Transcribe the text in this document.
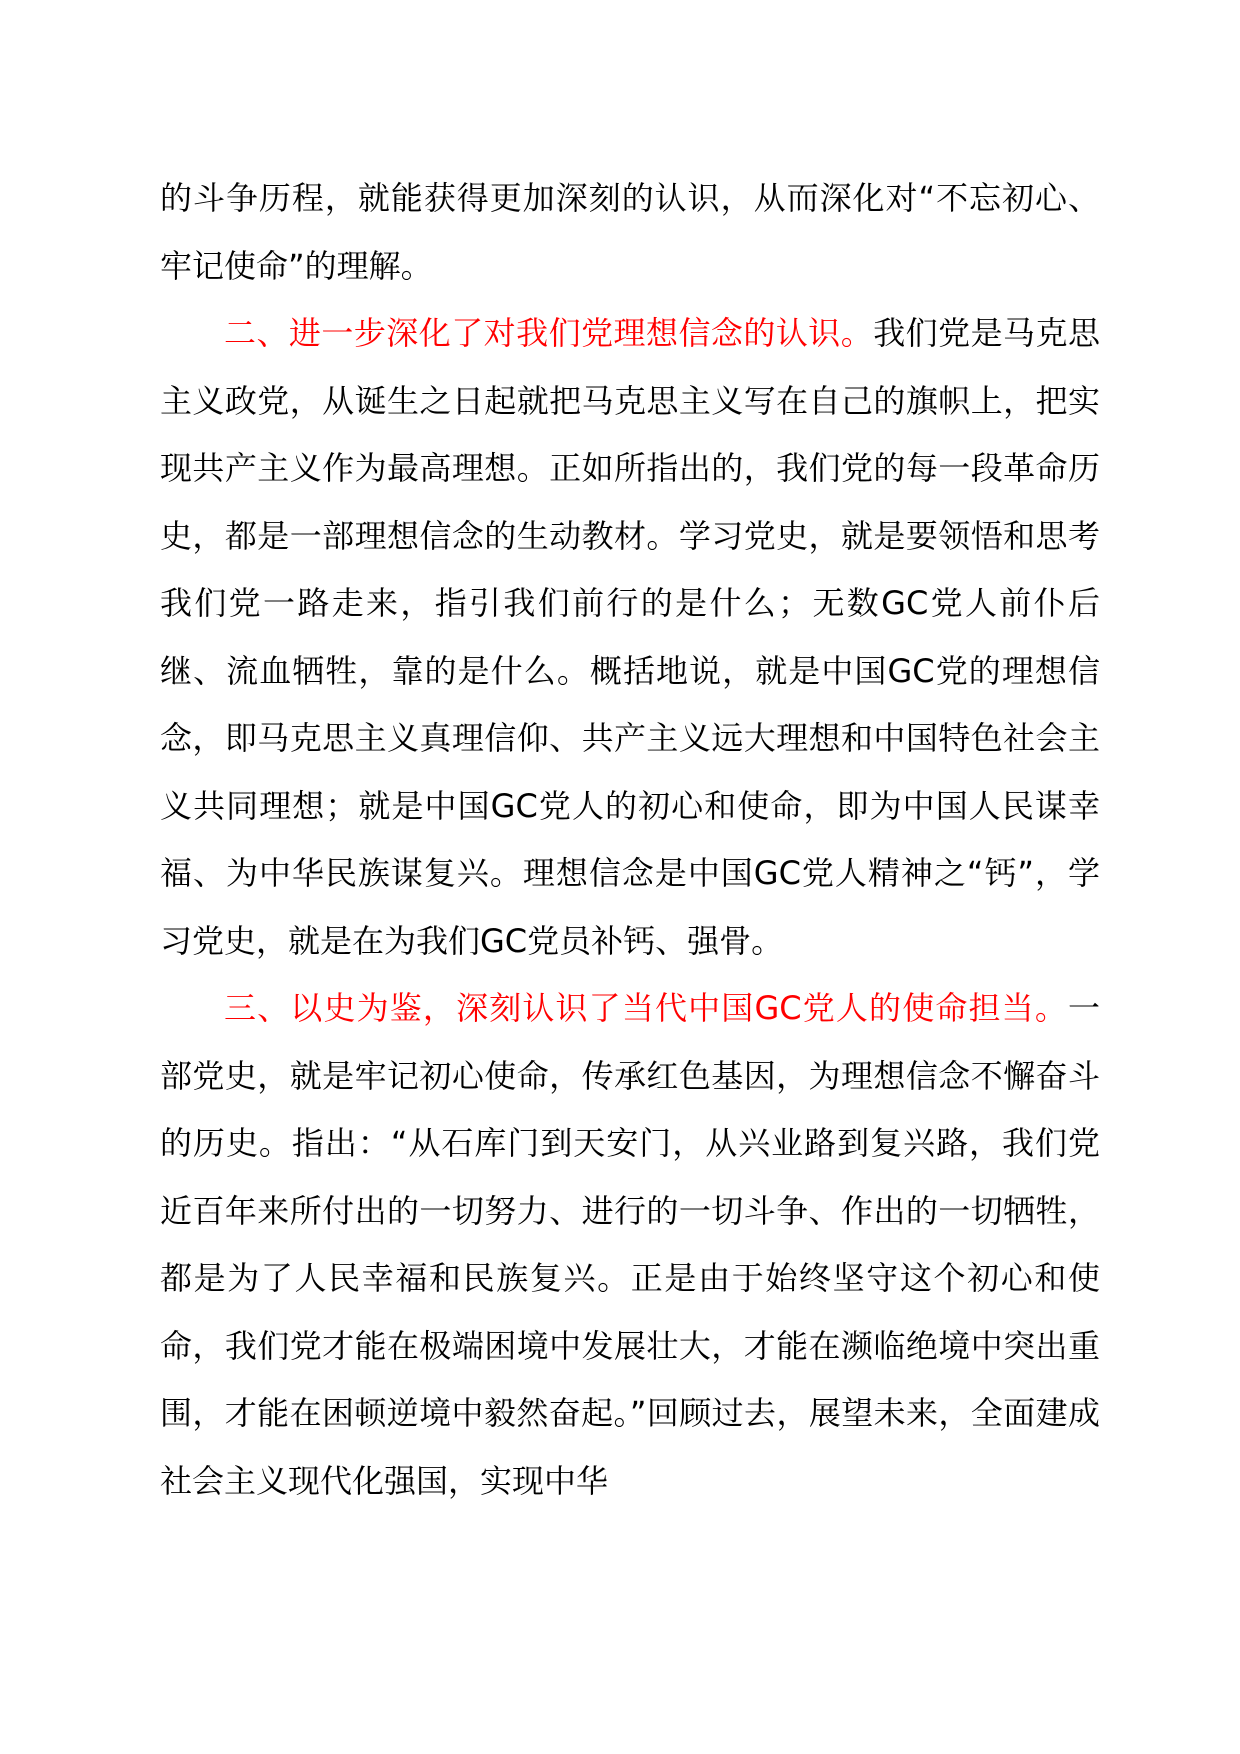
的斗争历程，就能获得更加深刻的认识，从而深化对“不忘初心、牢记使命”的理解。

二、进一步深化了对我们党理想信念的认识。我们党是马克思主义政党，从诞生之日起就把马克思主义写在自己的旗帜上，把实现共产主义作为最高理想。正如所指出的，我们党的每一段革命历史，都是一部理想信念的生动教材。学习党史，就是要领悟和思考我们党一路走来，指引我们前行的是什么；无数GC党人前仆后继、流血牺牲，靠的是什么。概括地说，就是中国GC党的理想信念，即马克思主义真理信仰、共产主义远大理想和中国特色社会主义共同理想；就是中国GC党人的初心和使命，即为中国人民谋幸福、为中华民族谋复兴。理想信念是中国GC党人精神之“钙”，学习党史，就是在为我们GC党员补钙、强骨。

三、以史为鉴，深刻认识了当代中国GC党人的使命担当。一部党史，就是牢记初心使命，传承红色基因，为理想信念不懈奋斗的历史。指出：“从石库门到天安门，从兴业路到复兴路，我们党近百年来所付出的一切努力、进行的一切斗争、作出的一切牺牲，都是为了人民幸福和民族复兴。正是由于始终坚守这个初心和使命，我们党才能在极端困境中发展壮大，才能在濒临绝境中突出重围，才能在困顿逆境中毅然奋起。”回顾过去，展望未来，全面建成社会主义现代化强国，实现中华
